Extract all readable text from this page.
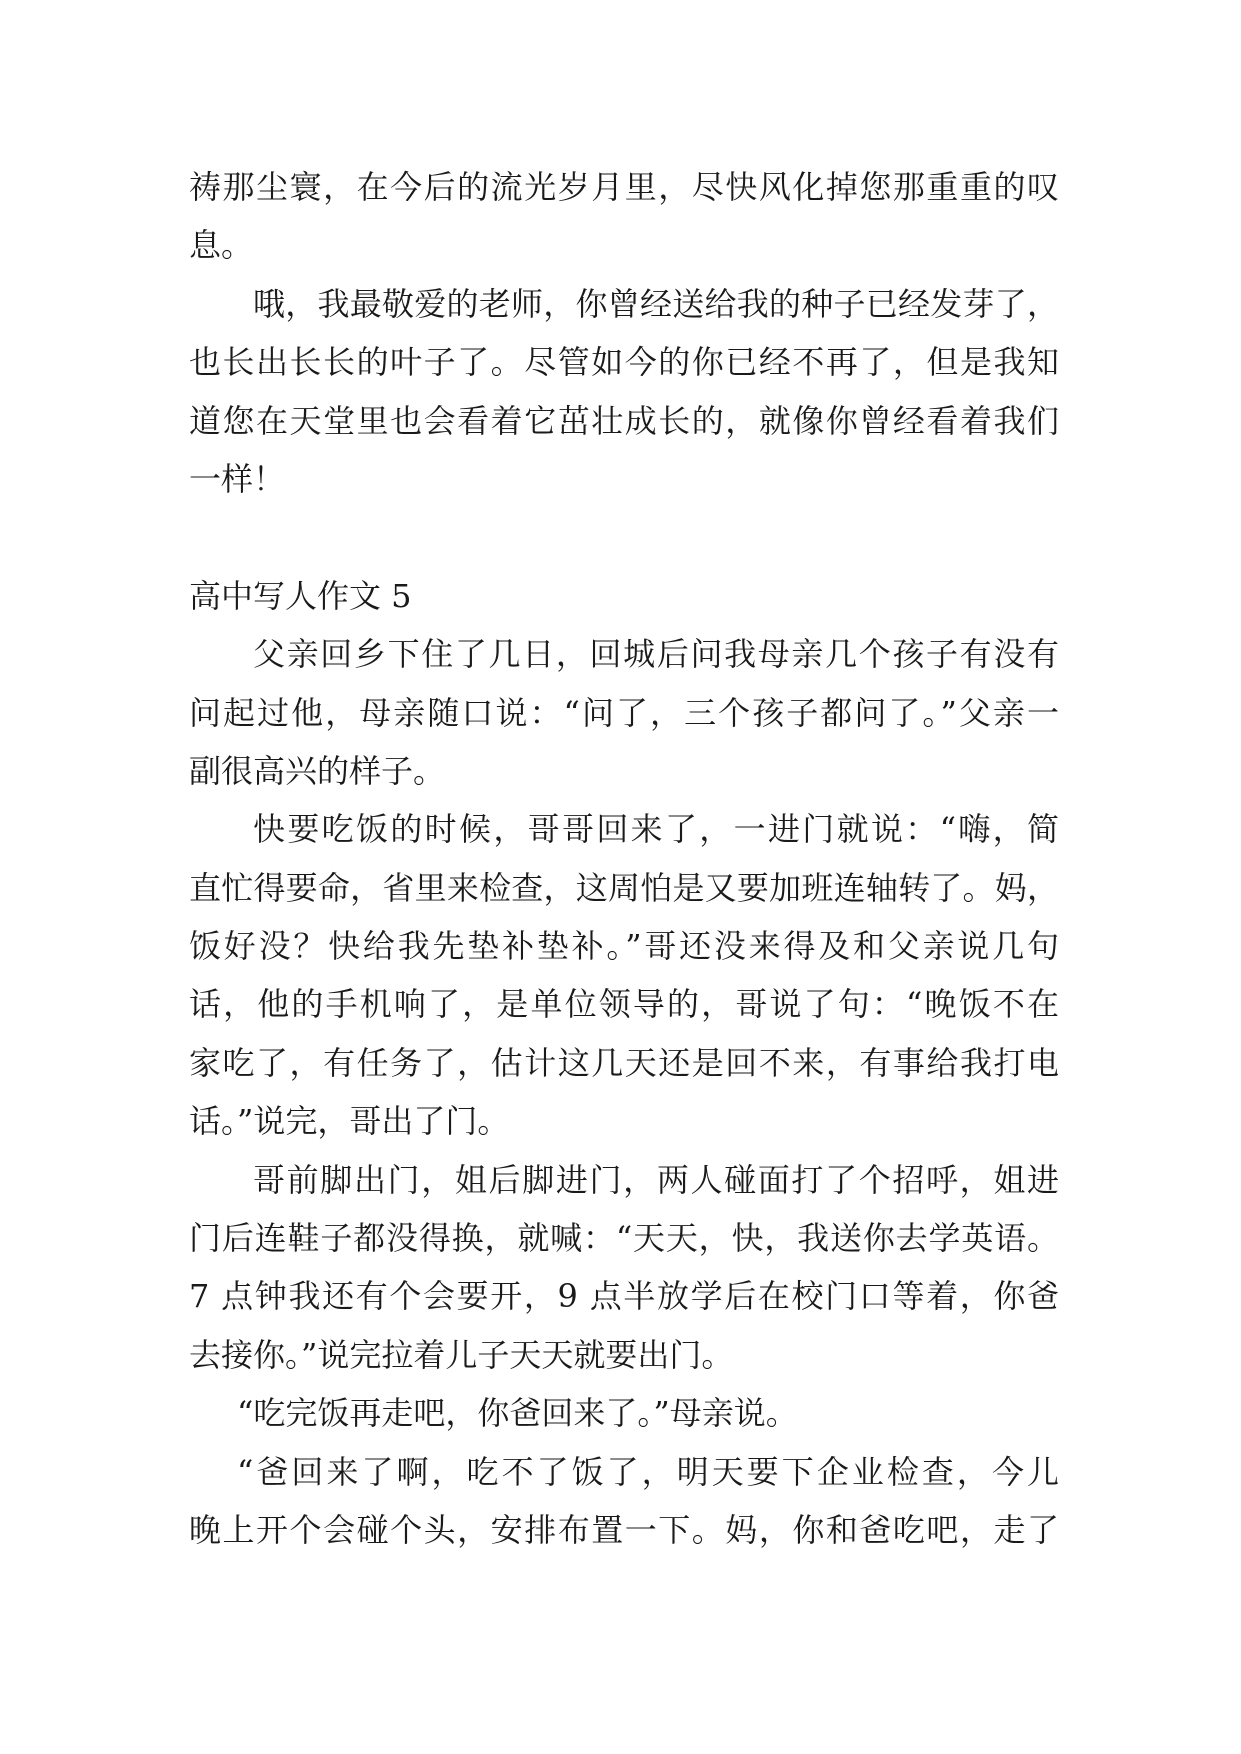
祷那尘寰，在今后的流光岁月里，尽快风化掉您那重重的叹
息。
哦，我最敬爱的老师，你曾经送给我的种子已经发芽了，
也长出长长的叶子了。尽管如今的你已经不再了，但是我知
道您在天堂里也会看着它茁壮成长的，就像你曾经看着我们
一样！
高中写人作文 5
父亲回乡下住了几日，回城后问我母亲几个孩子有没有
问起过他，母亲随口说：“问了，三个孩子都问了。”父亲一
副很高兴的样子。
快要吃饭的时候，哥哥回来了，一进门就说：“嗨，简
直忙得要命，省里来检查，这周怕是又要加班连轴转了。妈，
饭好没？快给我先垫补垫补。”哥还没来得及和父亲说几句
话，他的手机响了，是单位领导的，哥说了句：“晚饭不在
家吃了，有任务了，估计这几天还是回不来，有事给我打电
话。”说完，哥出了门。
哥前脚出门，姐后脚进门，两人碰面打了个招呼，姐进
门后连鞋子都没得换，就喊：“天天，快，我送你去学英语。
7 点钟我还有个会要开，9 点半放学后在校门口等着，你爸
去接你。”说完拉着儿子天天就要出门。
“吃完饭再走吧，你爸回来了。”母亲说。
“爸回来了啊，吃不了饭了，明天要下企业检查，今儿
晚上开个会碰个头，安排布置一下。妈，你和爸吃吧，走了
